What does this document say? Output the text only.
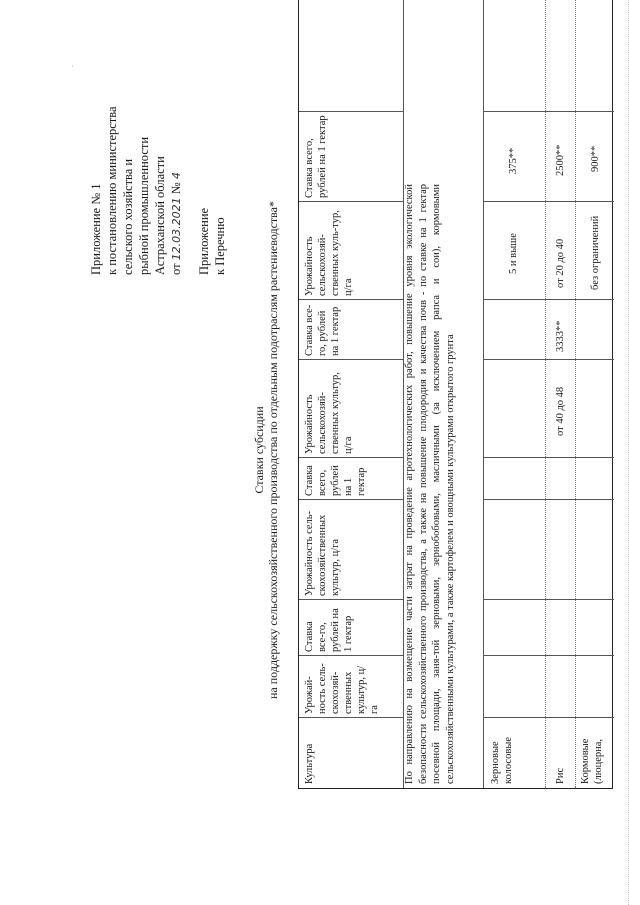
.
Приложение № 1 к постановлению министерства сельского хозяйства и рыбной промышленности Астраханской области от 12.03.2021 № 4
Приложение к Перечню
Ставки субсидии на поддержку сельскохозяйственного производства по отдельным подотраслям растениеводства*
Культура
Урожай-ность сель-скохозяй-ственных культур, ц/га
Ставка все-го, рублей на 1 гектар
Урожайность сель-скохозяйственных культур, ц/га
Урожайность сельскохозяй-ственных культур, ц/га
Ставка всего, рублей на 1 гектар
Ставка все-го, рублей на 1 гектар
Урожайность сельскохозяй-ственных куль-тур, ц/га
Ставка всего, рублей на 1 гектар
По направлению на возмещение части затрат на проведение агротехнологических работ, повышение уровня экологической безопасности сельскохозяйственного производства, а также на повышение плодородия и качества почв - по ставке на 1 гектар посевной площади, заня-той зерновыми, зернобобовыми, масличными (за исключением рапса и сои), кормовыми сельскохозяйственными культурами, а также картофелем и овощными культурами открытого грунта	Зерновые колосовые
5 и выше
375**
Рис
от 40 до 48
3333**
от 20 до 40
2500**
Кормовые (люцерна,
без ограничений
900**
